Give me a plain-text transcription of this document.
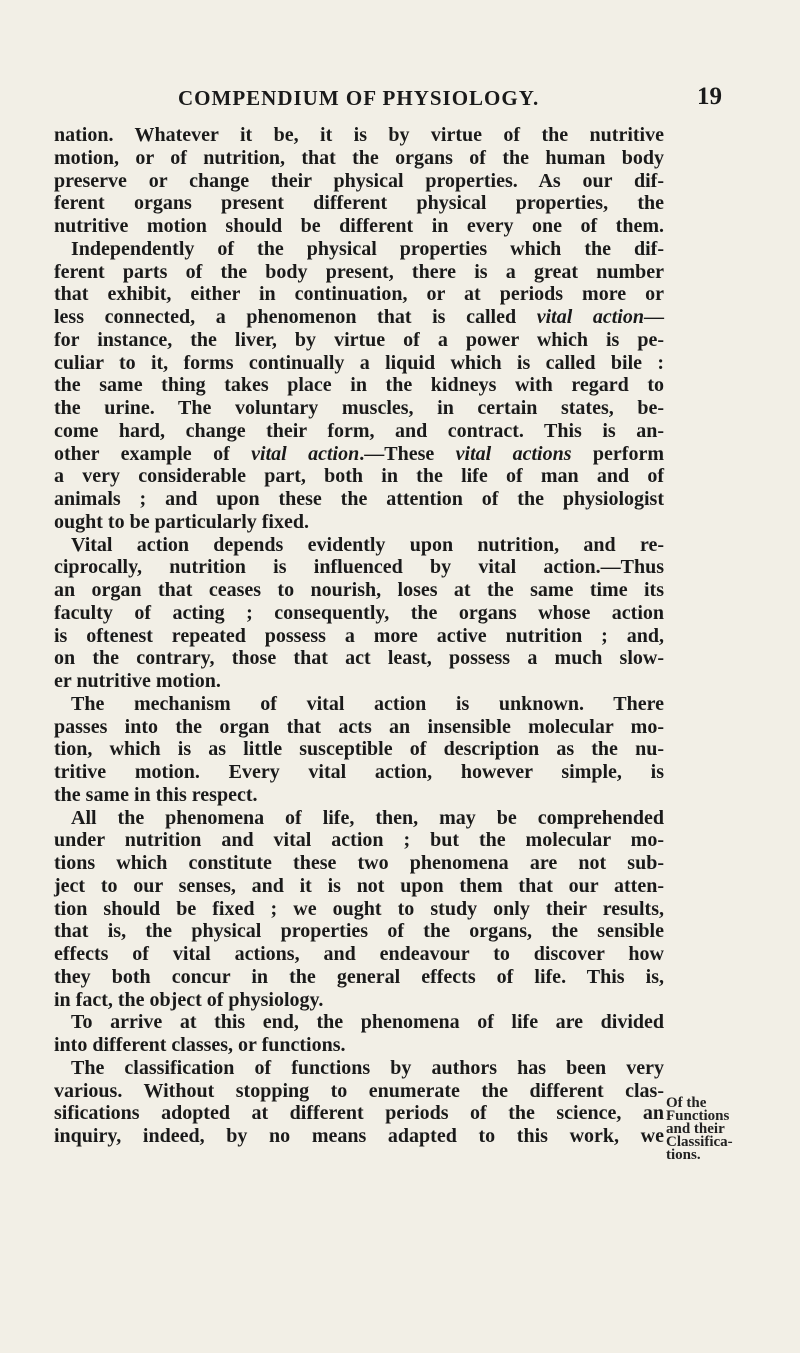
COMPENDIUM OF PHYSIOLOGY.	19
nation. Whatever it be, it is by virtue of the nutritive
motion, or of nutrition, that the organs of the human body
preserve or change their physical properties. As our dif-
ferent organs present different physical properties, the
nutritive motion should be different in every one of them.
Independently of the physical properties which the dif-
ferent parts of the body present, there is a great number
that exhibit, either in continuation, or at periods more or
less connected, a phenomenon that is called vital action—
for instance, the liver, by virtue of a power which is pe-
culiar to it, forms continually a liquid which is called bile :
the same thing takes place in the kidneys with regard to
the urine. The voluntary muscles, in certain states, be-
come hard, change their form, and contract. This is an-
other example of vital action.—These vital actions perform
a very considerable part, both in the life of man and of
animals ; and upon these the attention of the physiologist
ought to be particularly fixed.
Vital action depends evidently upon nutrition, and re-
ciprocally, nutrition is influenced by vital action.—Thus
an organ that ceases to nourish, loses at the same time its
faculty of acting ; consequently, the organs whose action
is oftenest repeated possess a more active nutrition ; and,
on the contrary, those that act least, possess a much slow-
er nutritive motion.
The mechanism of vital action is unknown. There
passes into the organ that acts an insensible molecular mo-
tion, which is as little susceptible of description as the nu-
tritive motion. Every vital action, however simple, is
the same in this respect.
All the phenomena of life, then, may be comprehended
under nutrition and vital action ; but the molecular mo-
tions which constitute these two phenomena are not sub-
ject to our senses, and it is not upon them that our atten-
tion should be fixed ; we ought to study only their results,
that is, the physical properties of the organs, the sensible
effects of vital actions, and endeavour to discover how
they both concur in the general effects of life. This is,
in fact, the object of physiology.
To arrive at this end, the phenomena of life are divided
into different classes, or functions.
The classification of functions by authors has been very
various. Without stopping to enumerate the different clas-
sifications adopted at different periods of the science, an
inquiry, indeed, by no means adapted to this work, we
Of the
Functions
and their
Classifica-
tions.
